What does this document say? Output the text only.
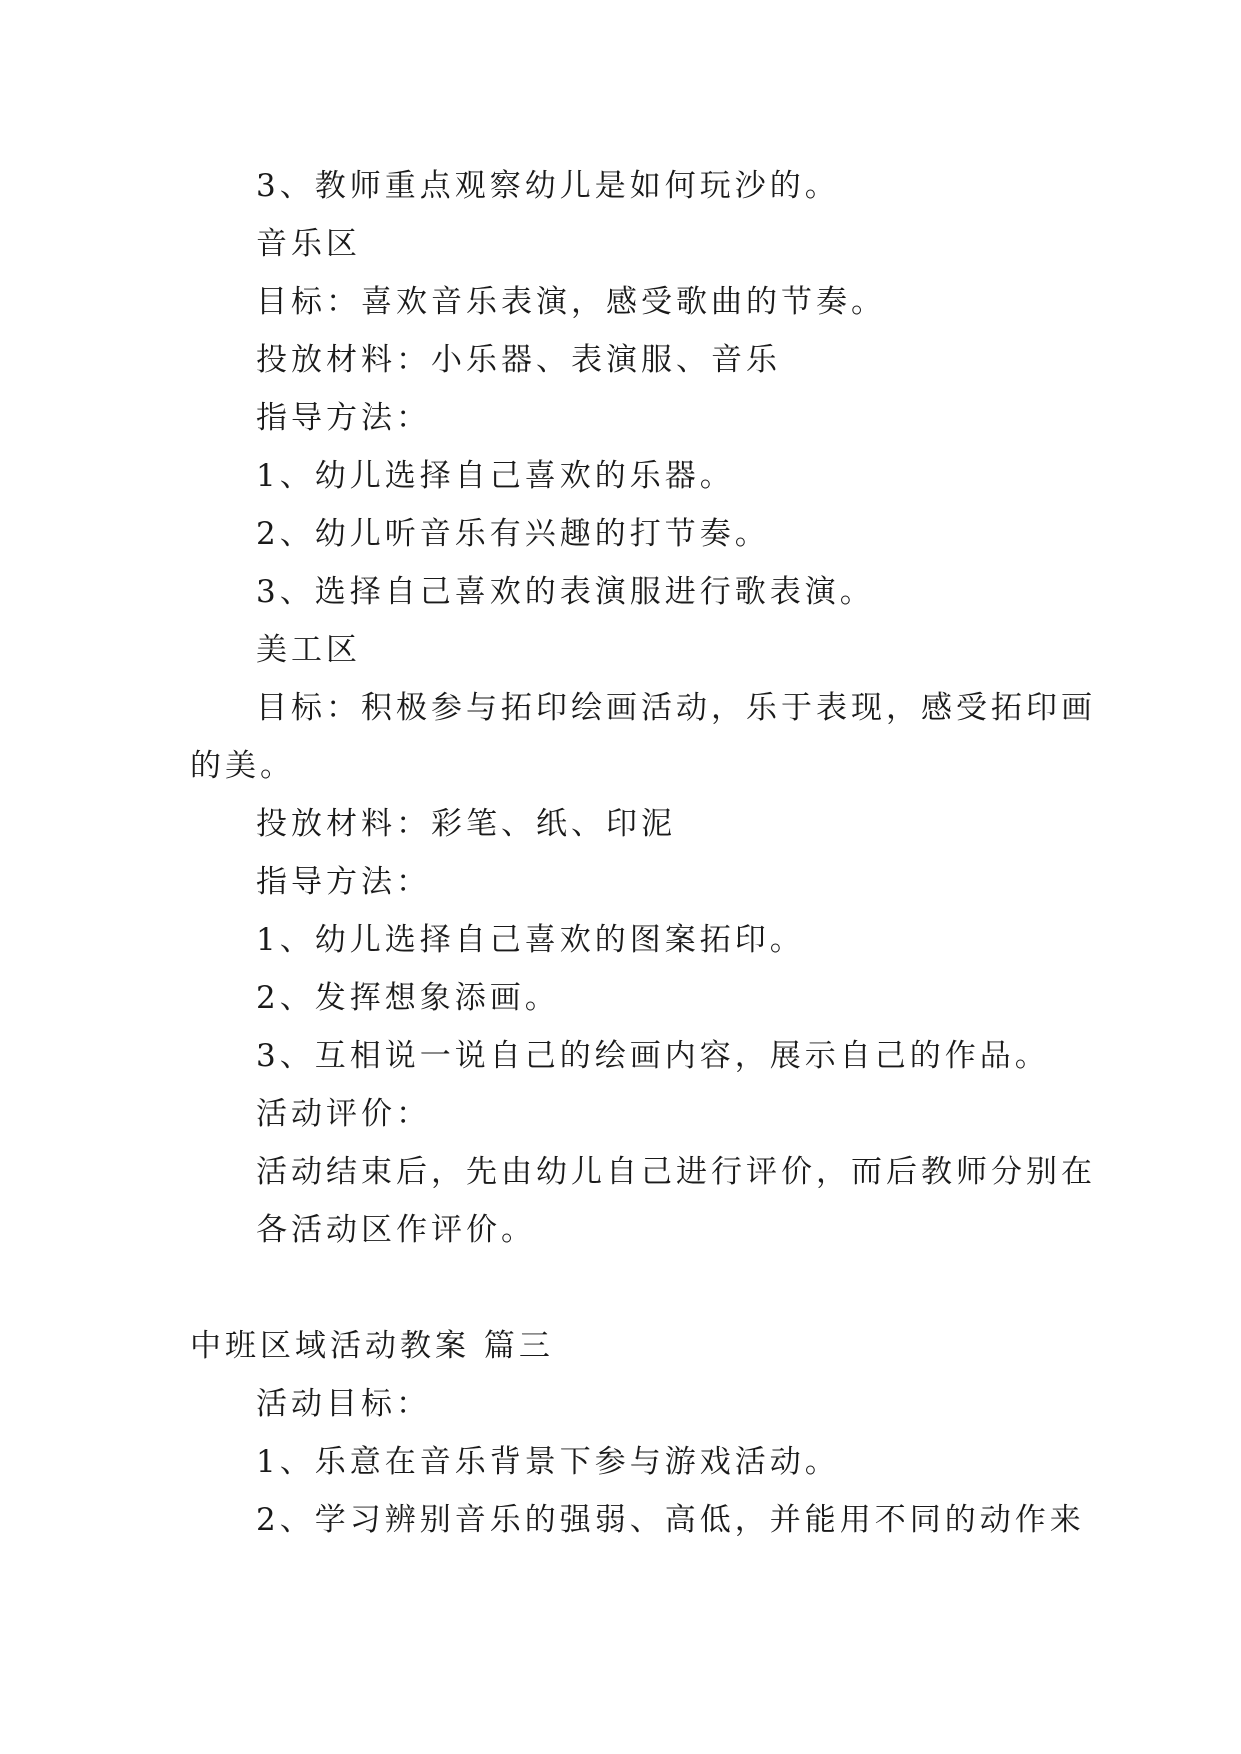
3、教师重点观察幼儿是如何玩沙的。
音乐区
目标：喜欢音乐表演，感受歌曲的节奏。
投放材料：小乐器、表演服、音乐
指导方法：
1、幼儿选择自己喜欢的乐器。
2、幼儿听音乐有兴趣的打节奏。
3、选择自己喜欢的表演服进行歌表演。
美工区
目标：积极参与拓印绘画活动，乐于表现，感受拓印画
的美。
投放材料：彩笔、纸、印泥
指导方法：
1、幼儿选择自己喜欢的图案拓印。
2、发挥想象添画。
3、互相说一说自己的绘画内容，展示自己的作品。
活动评价：
活动结束后，先由幼儿自己进行评价，而后教师分别在
各活动区作评价。
中班区域活动教案 篇三
活动目标：
1、乐意在音乐背景下参与游戏活动。
2、学习辨别音乐的强弱、高低，并能用不同的动作来
